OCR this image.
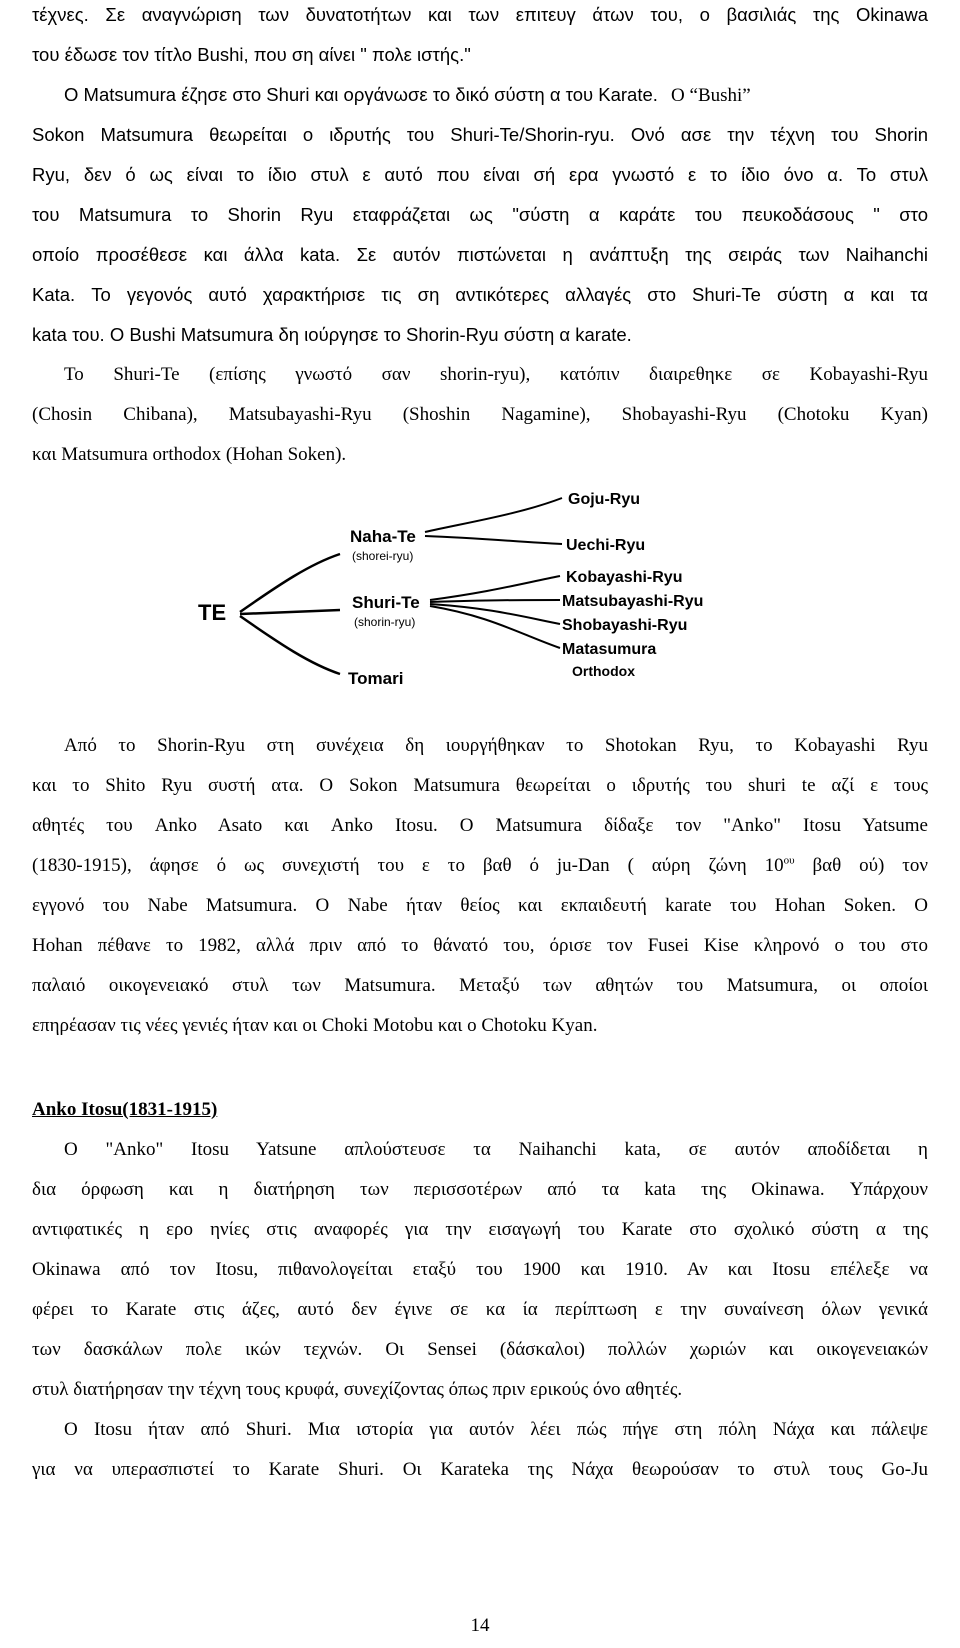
τέχνες. Σε αναγνώριση των δυνατοτήτων και των επιτευγ άτων του, ο βασιλιάς της Okinawa

του έδωσε τον τίτλο Bushi, που ση αίνει " πολε ιστής."

Ο Matsumura έζησε στο Shuri και οργάνωσε το δικό σύστη α του Karate. Ο “Bushi”

Sokon Matsumura θεωρείται ο ιδρυτής του Shuri-Te/Shorin-ryu. Ονό ασε την τέχνη του Shorin

Ryu, δεν ό ως είναι το ίδιο στυλ ε αυτό που είναι σή ερα γνωστό ε το ίδιο όνο α. Το στυλ

του Matsumura το Shorin Ryu εταφράζεται ως "σύστη α καράτε του πευκοδάσους " στο

οποίο προσέθεσε και άλλα kata. Σε αυτόν πιστώνεται η ανάπτυξη της σειράς των Naihanchi

Kata. Το γεγονός αυτό χαρακτήρισε τις ση αντικότερες αλλαγές στο Shuri-Te σύστη α και τα

kata του. Ο Bushi Matsumura δη ιούργησε το Shorin-Ryu σύστη α karate.

Το Shuri-Te (επίσης γνωστό σαν shorin-ryu), κατόπιν διαιρεθηκε σε Kobayashi-Ryu

(Chosin Chibana), Matsubayashi-Ryu (Shoshin Nagamine), Shobayashi-Ryu (Chotoku Kyan)

και Matsumura orthodox (Hohan Soken).

TE
Naha-Te
(shorei-ryu)
Shuri-Te
(shorin-ryu)
Tomari
Goju-Ryu
Uechi-Ryu
Kobayashi-Ryu
Matsubayashi-Ryu
Shobayashi-Ryu
Matasumura
Orthodox

Από το Shorin-Ryu στη συνέχεια δη ιουργήθηκαν το Shotokan Ryu, το Kobayashi Ryu

και το Shito Ryu συστή ατα. Ο Sokon Matsumura θεωρείται ο ιδρυτής του shuri te αζί ε τους

αθητές του Anko Asato και Anko Itosu. Ο Matsumura δίδαξε τον "Anko" Itosu Yatsume

(1830-1915), άφησε ό ως συνεχιστή του ε το βαθ ό ju-Dan ( αύρη ζώνη $10^{o\upsilon}$ βαθ ού) τον

εγγονό του Nabe Matsumura. Ο Nabe ήταν θείος και εκπαιδευτή karate του Hohan Soken. Ο

Hohan πέθανε το 1982, αλλά πριν από το θάνατό του, όρισε τον Fusei Kise κληρονό ο του στο

παλαιό οικογενειακό στυλ των Matsumura. Μεταξύ των αθητών του Matsumura, οι οποίοι

επηρέασαν τις νέες γενιές ήταν και οι Choki Motobu και ο Chotoku Kyan.

Anko Itosu(1831-1915)

Ο "Anko" Itosu Yatsune απλούστευσε τα Naihanchi kata, σε αυτόν αποδίδεται η

δια όρφωση και η διατήρηση των περισσοτέρων από τα kata της Okinawa. Υπάρχουν

αντιφατικές η ερο ηνίες στις αναφορές για την εισαγωγή του Karate στο σχολικό σύστη α της

Okinawa από τον Itosu, πιθανολογείται εταξύ του 1900 και 1910. Αν και Itosu επέλεξε να

φέρει το Karate στις άζες, αυτό δεν έγινε σε κα ία περίπτωση ε την συναίνεση όλων γενικά

των δασκάλων πολε ικών τεχνών. Οι Sensei (δάσκαλοι) πολλών χωριών και οικογενειακών

στυλ διατήρησαν την τέχνη τους κρυφά, συνεχίζοντας όπως πριν ερικούς όνο αθητές.

Ο Itosu ήταν από Shuri. Μια ιστορία για αυτόν λέει πώς πήγε στη πόλη Νάχα και πάλεψε

για να υπερασπιστεί το Karate Shuri. Οι Karateka της Νάχα θεωρούσαν το στυλ τους Go-Ju

14
